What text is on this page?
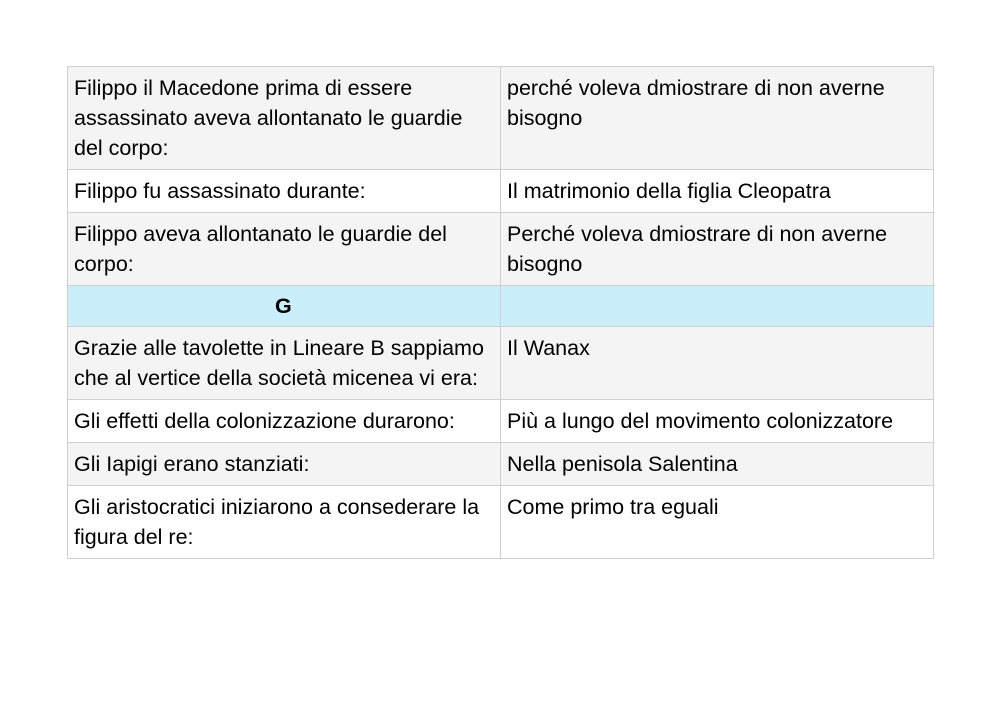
Filippo il Macedone prima di essere assassinato aveva allontanato le guardie del corpo:	perché voleva dmiostrare di non averne bisogno
Filippo fu assassinato durante:	Il matrimonio della figlia Cleopatra
Filippo aveva allontanato le guardie del corpo:	Perché voleva dmiostrare di non averne bisogno
G	
Grazie alle tavolette in Lineare B sappiamo che al vertice della società micenea vi era:	Il Wanax
Gli effetti della colonizzazione durarono:	Più a lungo del movimento colonizzatore
Gli Iapigi erano stanziati:	Nella penisola Salentina
Gli aristocratici iniziarono a consederare la figura del re:	Come primo tra eguali
